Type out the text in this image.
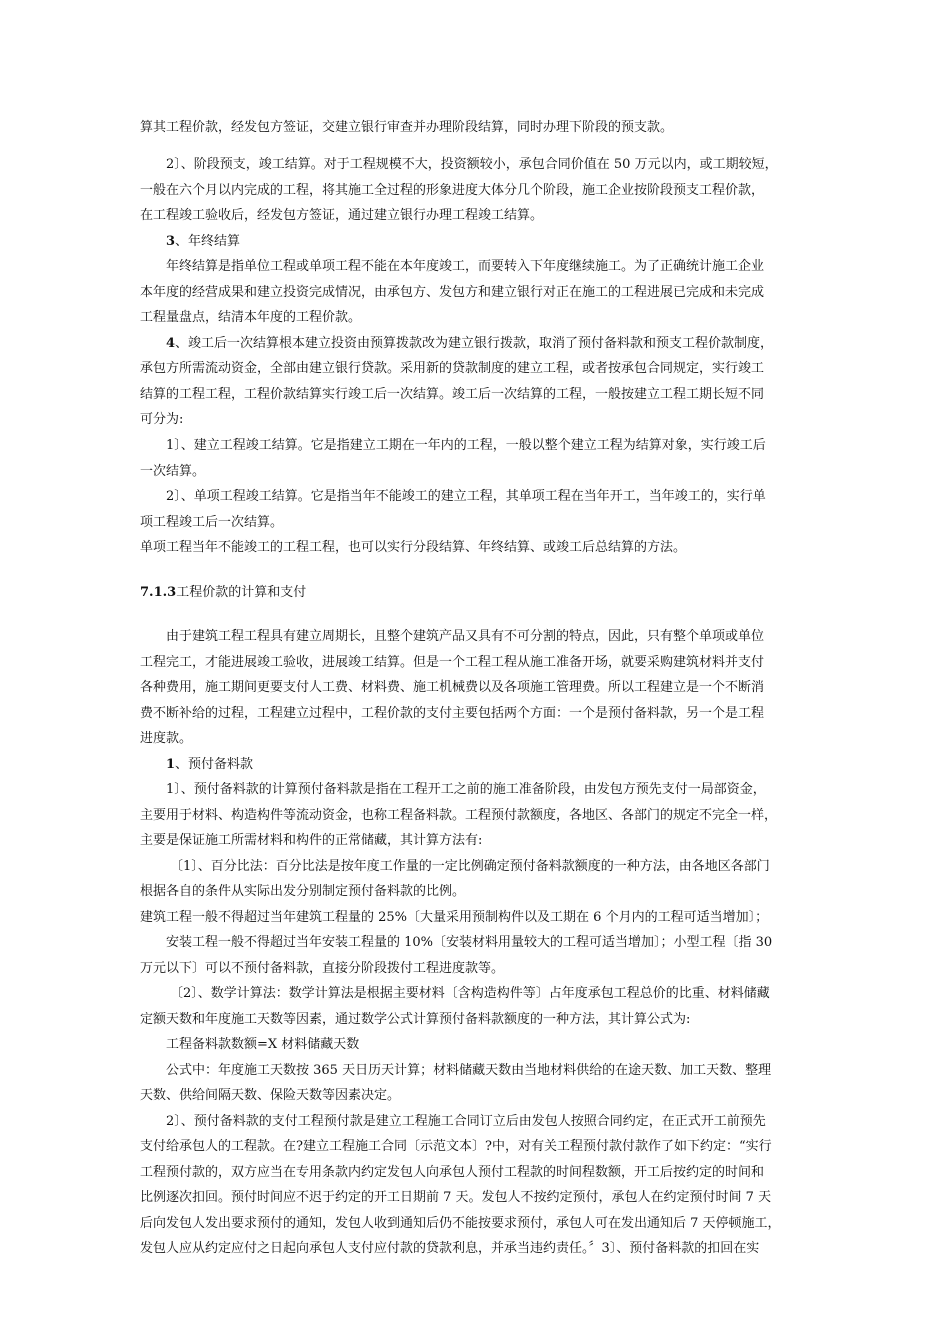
算其工程价款，经发包方签证，交建立银行审查并办理阶段结算，同时办理下阶段的预支款。
2〕、阶段预支，竣工结算。对于工程规模不大，投资额较小，承包合同价值在 50 万元以内，或工期较短，
一般在六个月以内完成的工程，将其施工全过程的形象进度大体分几个阶段，施工企业按阶段预支工程价款，
在工程竣工验收后，经发包方签证，通过建立银行办理工程竣工结算。
3、年终结算
年终结算是指单位工程或单项工程不能在本年度竣工，而要转入下年度继续施工。为了正确统计施工企业
本年度的经营成果和建立投资完成情况，由承包方、发包方和建立银行对正在施工的工程进展已完成和未完成
工程量盘点，结清本年度的工程价款。
4、竣工后一次结算根本建立投资由预算拨款改为建立银行拨款，取消了预付备料款和预支工程价款制度，
承包方所需流动资金，全部由建立银行贷款。采用新的贷款制度的建立工程，或者按承包合同规定，实行竣工
结算的工程工程，工程价款结算实行竣工后一次结算。竣工后一次结算的工程，一般按建立工程工期长短不同
可分为:
1〕、建立工程竣工结算。它是指建立工期在一年内的工程，一般以整个建立工程为结算对象，实行竣工后
一次结算。
2〕、单项工程竣工结算。它是指当年不能竣工的建立工程，其单项工程在当年开工，当年竣工的，实行单
项工程竣工后一次结算。
单项工程当年不能竣工的工程工程，也可以实行分段结算、年终结算、或竣工后总结算的方法。
7.1.3工程价款的计算和支付
由于建筑工程工程具有建立周期长，且整个建筑产品又具有不可分割的特点，因此，只有整个单项或单位
工程完工，才能进展竣工验收，进展竣工结算。但是一个工程工程从施工准备开场，就要采购建筑材料并支付
各种费用，施工期间更要支付人工费、材料费、施工机械费以及各项施工管理费。所以工程建立是一个不断消
费不断补给的过程，工程建立过程中，工程价款的支付主要包括两个方面：一个是预付备料款，另一个是工程
进度款。
1、预付备料款
1〕、预付备料款的计算预付备料款是指在工程开工之前的施工准备阶段，由发包方预先支付一局部资金，
主要用于材料、构造构件等流动资金，也称工程备料款。工程预付款额度，各地区、各部门的规定不完全一样，
主要是保证施工所需材料和构件的正常储藏，其计算方法有:
〔1〕、百分比法：百分比法是按年度工作量的一定比例确定预付备料款额度的一种方法，由各地区各部门
根据各自的条件从实际出发分别制定预付备料款的比例。
建筑工程一般不得超过当年建筑工程量的 25%〔大量采用预制构件以及工期在 6 个月内的工程可适当增加〕；
安装工程一般不得超过当年安装工程量的 10%〔安装材料用量较大的工程可适当增加〕；小型工程〔指 30
万元以下〕可以不预付备料款，直接分阶段拨付工程进度款等。
〔2〕、数学计算法：数学计算法是根据主要材料〔含构造构件等〕占年度承包工程总价的比重、材料储藏
定额天数和年度施工天数等因素，通过数学公式计算预付备料款额度的一种方法，其计算公式为:
工程备料款数额=X 材料储藏天数
公式中：年度施工天数按 365 天日历天计算；材料储藏天数由当地材料供给的在途天数、加工天数、整理
天数、供给间隔天数、保险天数等因素决定。
2〕、预付备料款的支付工程预付款是建立工程施工合同订立后由发包人按照合同约定，在正式开工前预先
支付给承包人的工程款。在?建立工程施工合同〔示范文本〕?中，对有关工程预付款付款作了如下约定：“实行
工程预付款的，双方应当在专用条款内约定发包人向承包人预付工程款的时间程数额，开工后按约定的时间和
比例逐次扣回。预付时间应不迟于约定的开工日期前 7 天。发包人不按约定预付，承包人在约定预付时间 7 天
后向发包人发出要求预付的通知，发包人收到通知后仍不能按要求预付，承包人可在发出通知后 7 天停顿施工，
发包人应从约定应付之日起向承包人支付应付款的贷款利息，并承当违约责任。〞3〕、预付备料款的扣回在实
